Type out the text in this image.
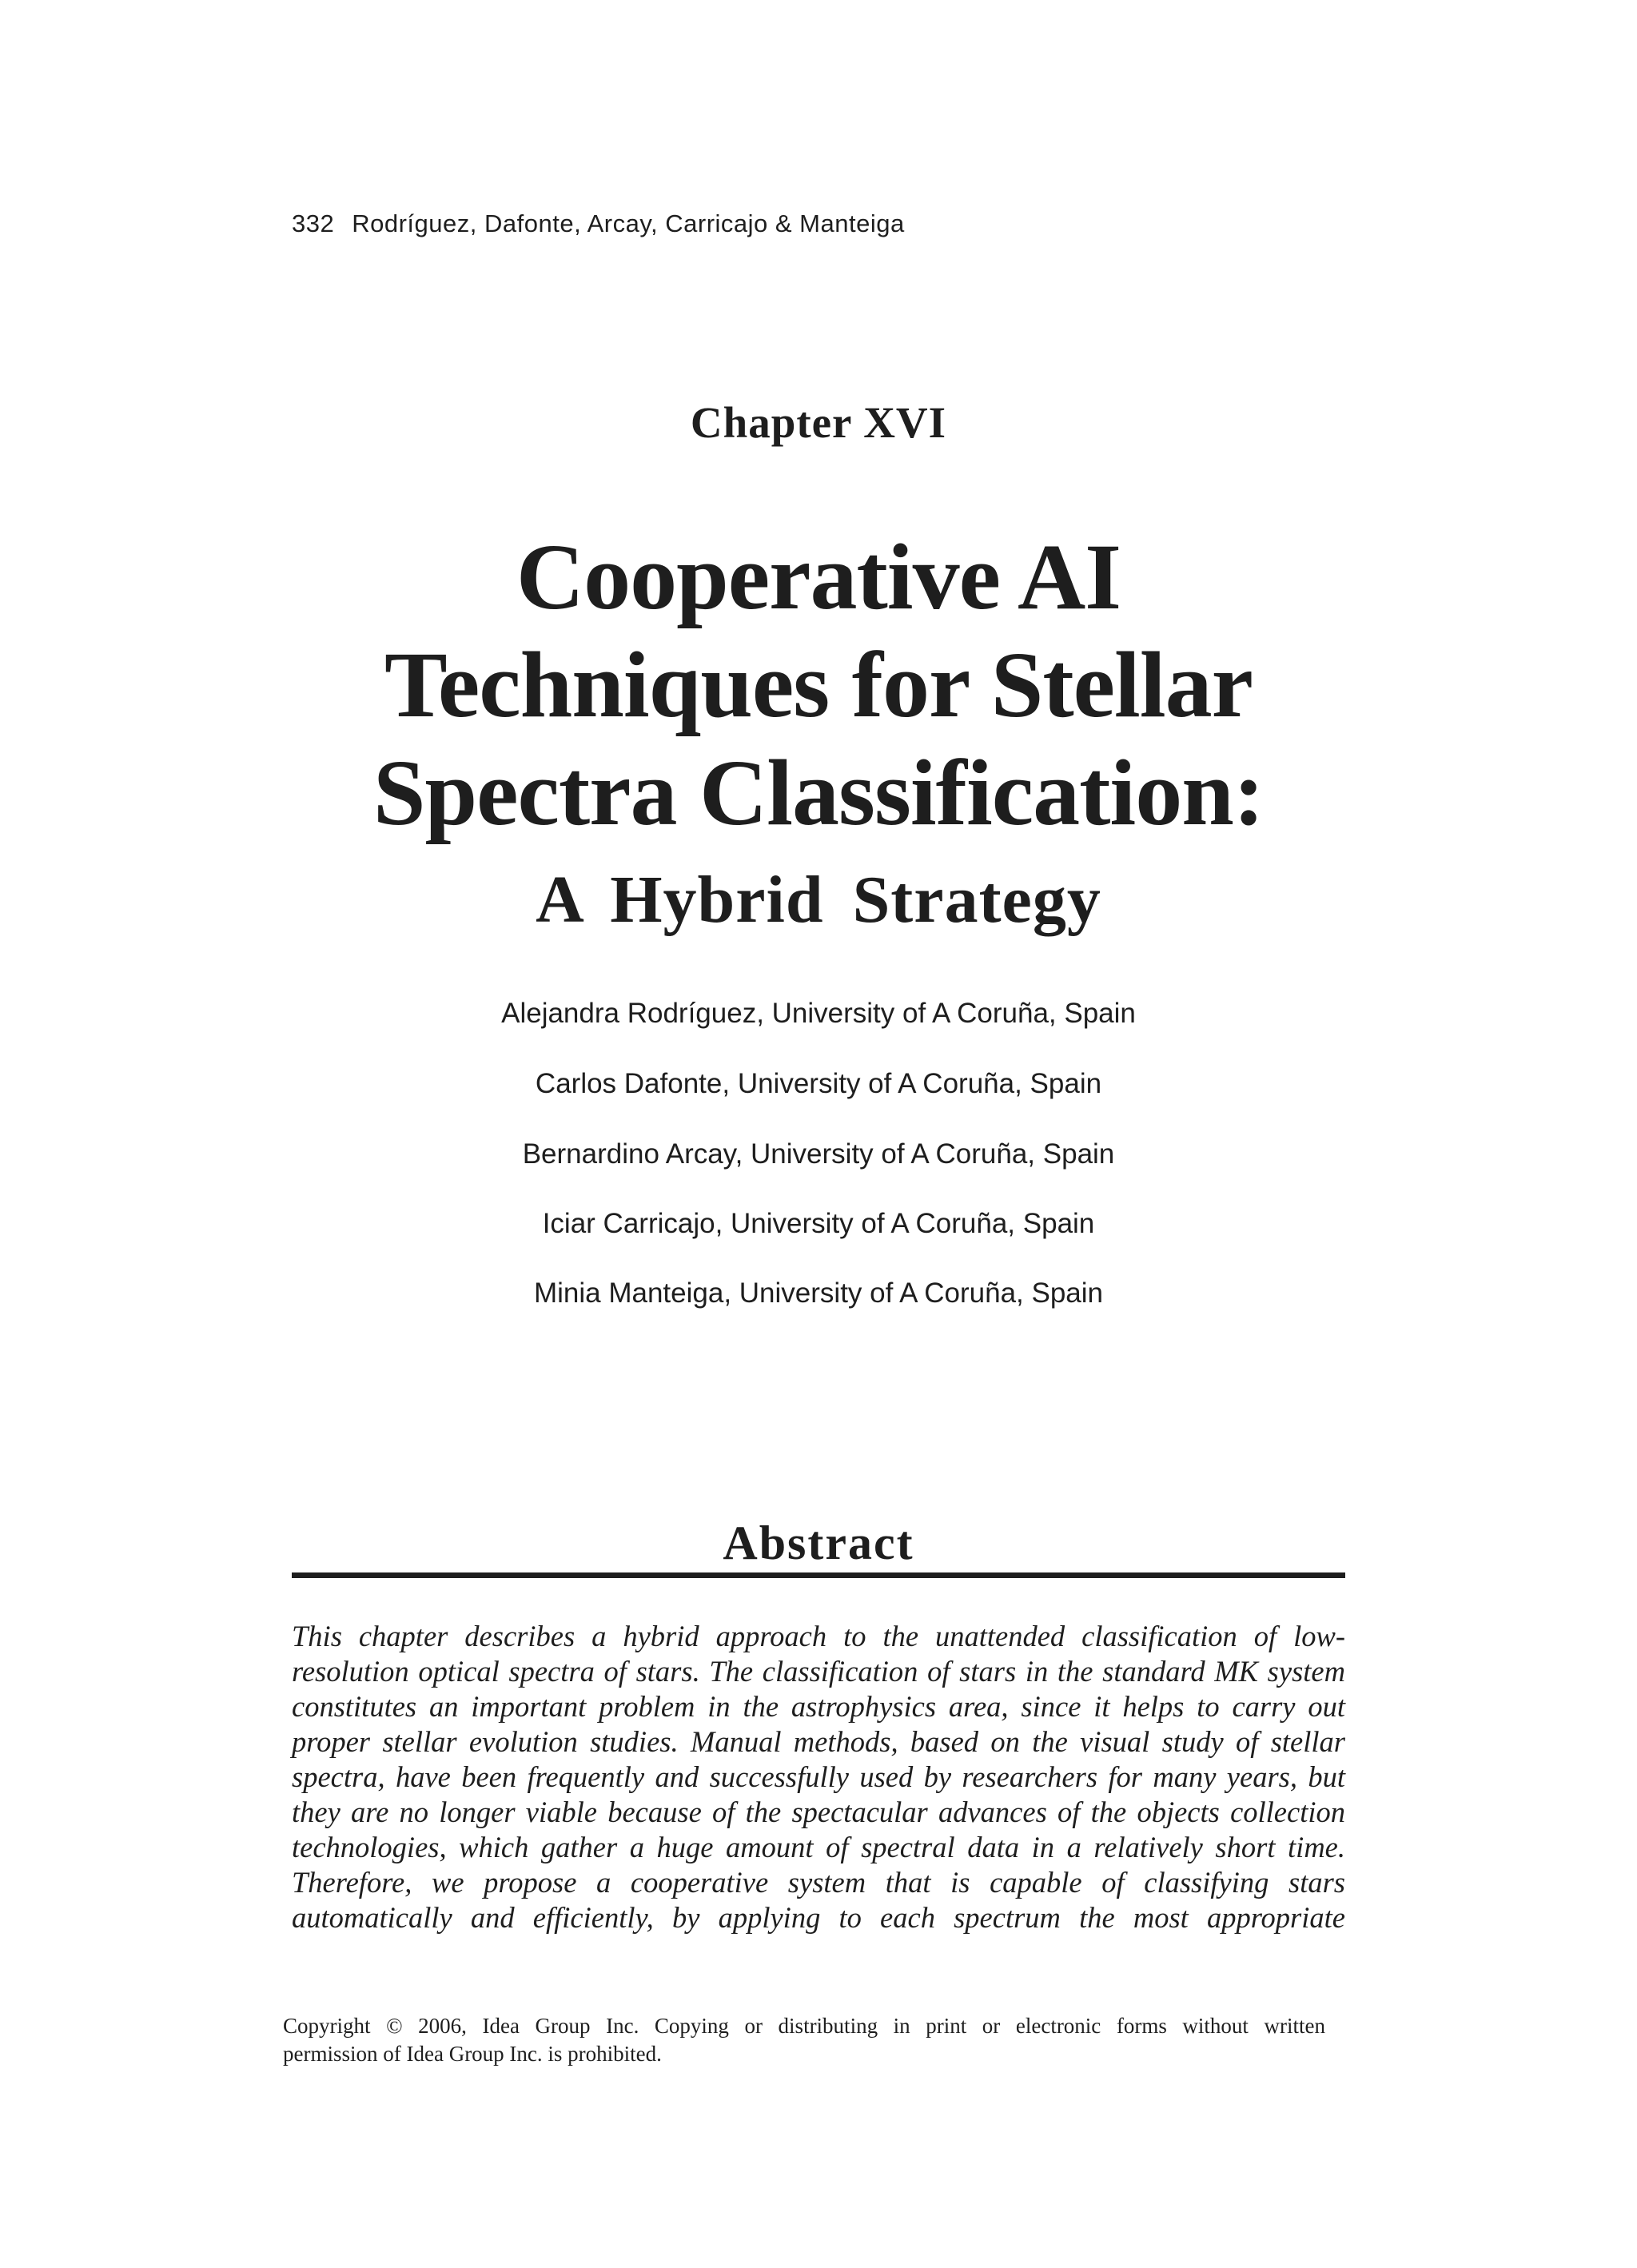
332 Rodríguez, Dafonte, Arcay, Carricajo & Manteiga
Chapter XVI
Cooperative AI
Techniques for Stellar
Spectra Classification:
A Hybrid Strategy
Alejandra Rodríguez, University of A Coruña, Spain
Carlos Dafonte, University of A Coruña, Spain
Bernardino Arcay, University of A Coruña, Spain
Iciar Carricajo, University of A Coruña, Spain
Minia Manteiga, University of A Coruña, Spain
Abstract
This chapter describes a hybrid approach to the unattended classification of low-
resolution optical spectra of stars. The classification of stars in the standard MK system
constitutes an important problem in the astrophysics area, since it helps to carry out
proper stellar evolution studies. Manual methods, based on the visual study of stellar
spectra, have been frequently and successfully used by researchers for many years, but
they are no longer viable because of the spectacular advances of the objects collection
technologies, which gather a huge amount of spectral data in a relatively short time.
Therefore, we propose a cooperative system that is capable of classifying stars
automatically and efficiently, by applying to each spectrum the most appropriate
Copyright © 2006, Idea Group Inc. Copying or distributing in print or electronic forms without written
permission of Idea Group Inc. is prohibited.
